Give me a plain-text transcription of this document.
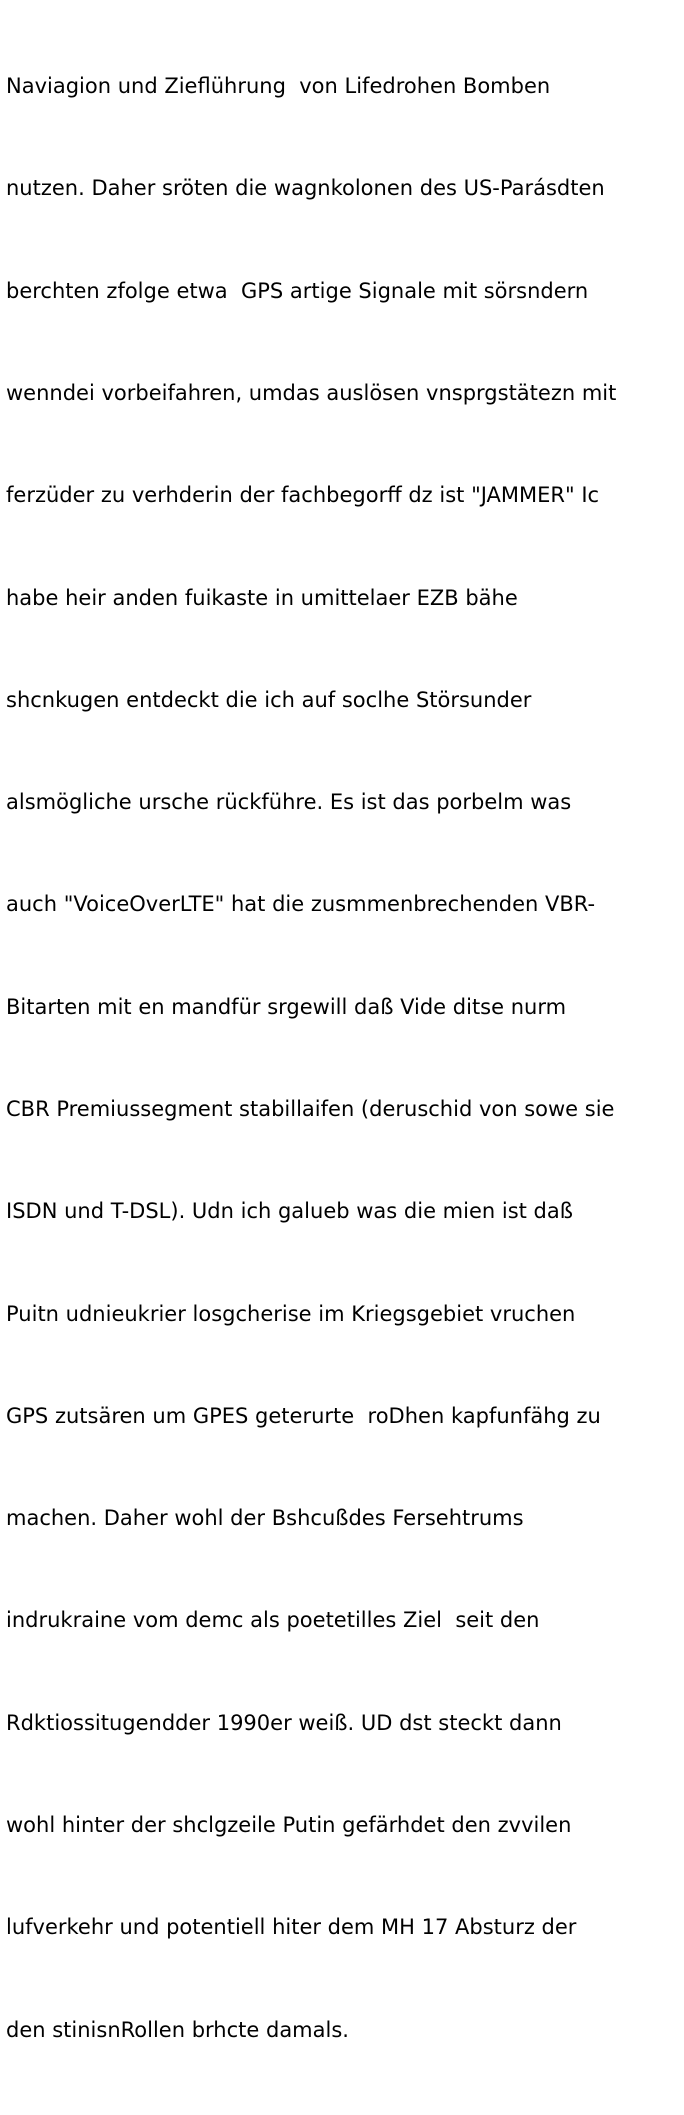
Naviagion und Zieflührung  von Lifedrohen Bomben

nutzen. Daher sröten die wagnkolonen des US-Parásdten

berchten zfolge etwa  GPS artige Signale mit sörsndern

wenndei vorbeifahren, umdas auslösen vnsprgstätezn mit

ferzüder zu verhderin der fachbegorff dz ist "JAMMER" Ic

habe heir anden fuikaste in umittelaer EZB bähe

shcnkugen entdeckt die ich auf soclhe Störsunder

alsmögliche ursche rückführe. Es ist das porbelm was

auch "VoiceOverLTE" hat die zusmmenbrechenden VBR-

Bitarten mit en mandfür srgewill daß Vide ditse nurm

CBR Premiussegment stabillaifen (deruschid von sowe sie

ISDN und T-DSL). Udn ich galueb was die mien ist daß

Puitn udnieukrier losgcherise im Kriegsgebiet vruchen

GPS zutsären um GPES geterurte  roDhen kapfunfähg zu

machen. Daher wohl der Bshcußdes Fersehtrums

indrukraine vom demc als poetetilles Ziel  seit den

Rdktiossitugendder 1990er weiß. UD dst steckt dann

wohl hinter der shclgzeile Putin gefärhdet den zvvilen

lufverkehr und potentiell hiter dem MH 17 Absturz der

den stinisnRollen brhcte damals.
